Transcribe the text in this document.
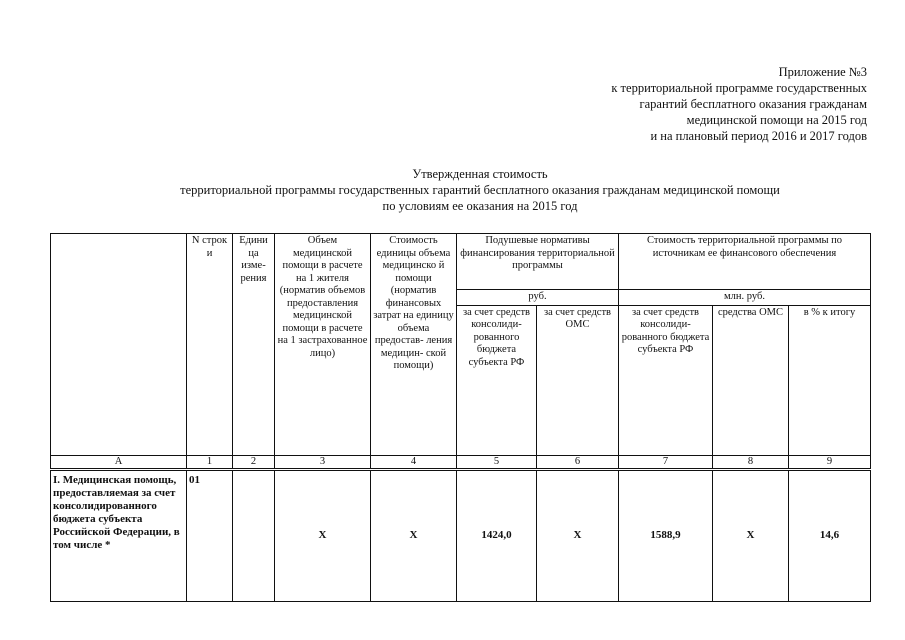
Приложение №3
к территориальной программе государственных
гарантий бесплатного оказания гражданам
медицинской помощи на 2015 год
и на плановый период 2016 и 2017 годов
Утвержденная стоимость
территориальной программы государственных гарантий бесплатного оказания гражданам медицинской помощи
по условиям ее оказания на 2015 год
	N строк и	Едини ца изме- рения	Объем медицинской помощи в расчете на 1 жителя (норматив объемов предоставления медицинской помощи в расчете на 1 застрахованное лицо)	Стоимость единицы объема медицинско й помощи (норматив финансовых затрат на единицу объема предостав- ления медицин- ской помощи)	Подушевые нормативы финансирования территориальной программы		Стоимость территориальной программы по источникам ее финансового обеспечения		
					руб.		млн. руб.		
					за счет средств консолиди- рованного бюджета субъекта РФ	за счет средств ОМС	за счет средств консолиди- рованного бюджета субъекта РФ	средства ОМС	в % к итогу
А	1	2	3	4	5	6	7	8	9
I. Медицинская помощь, предоставляемая за счет консолидированного бюджета субъекта Российской Федерации, в том числе *	01		Х	Х	1424,0	Х	1588,9	Х	14,6
